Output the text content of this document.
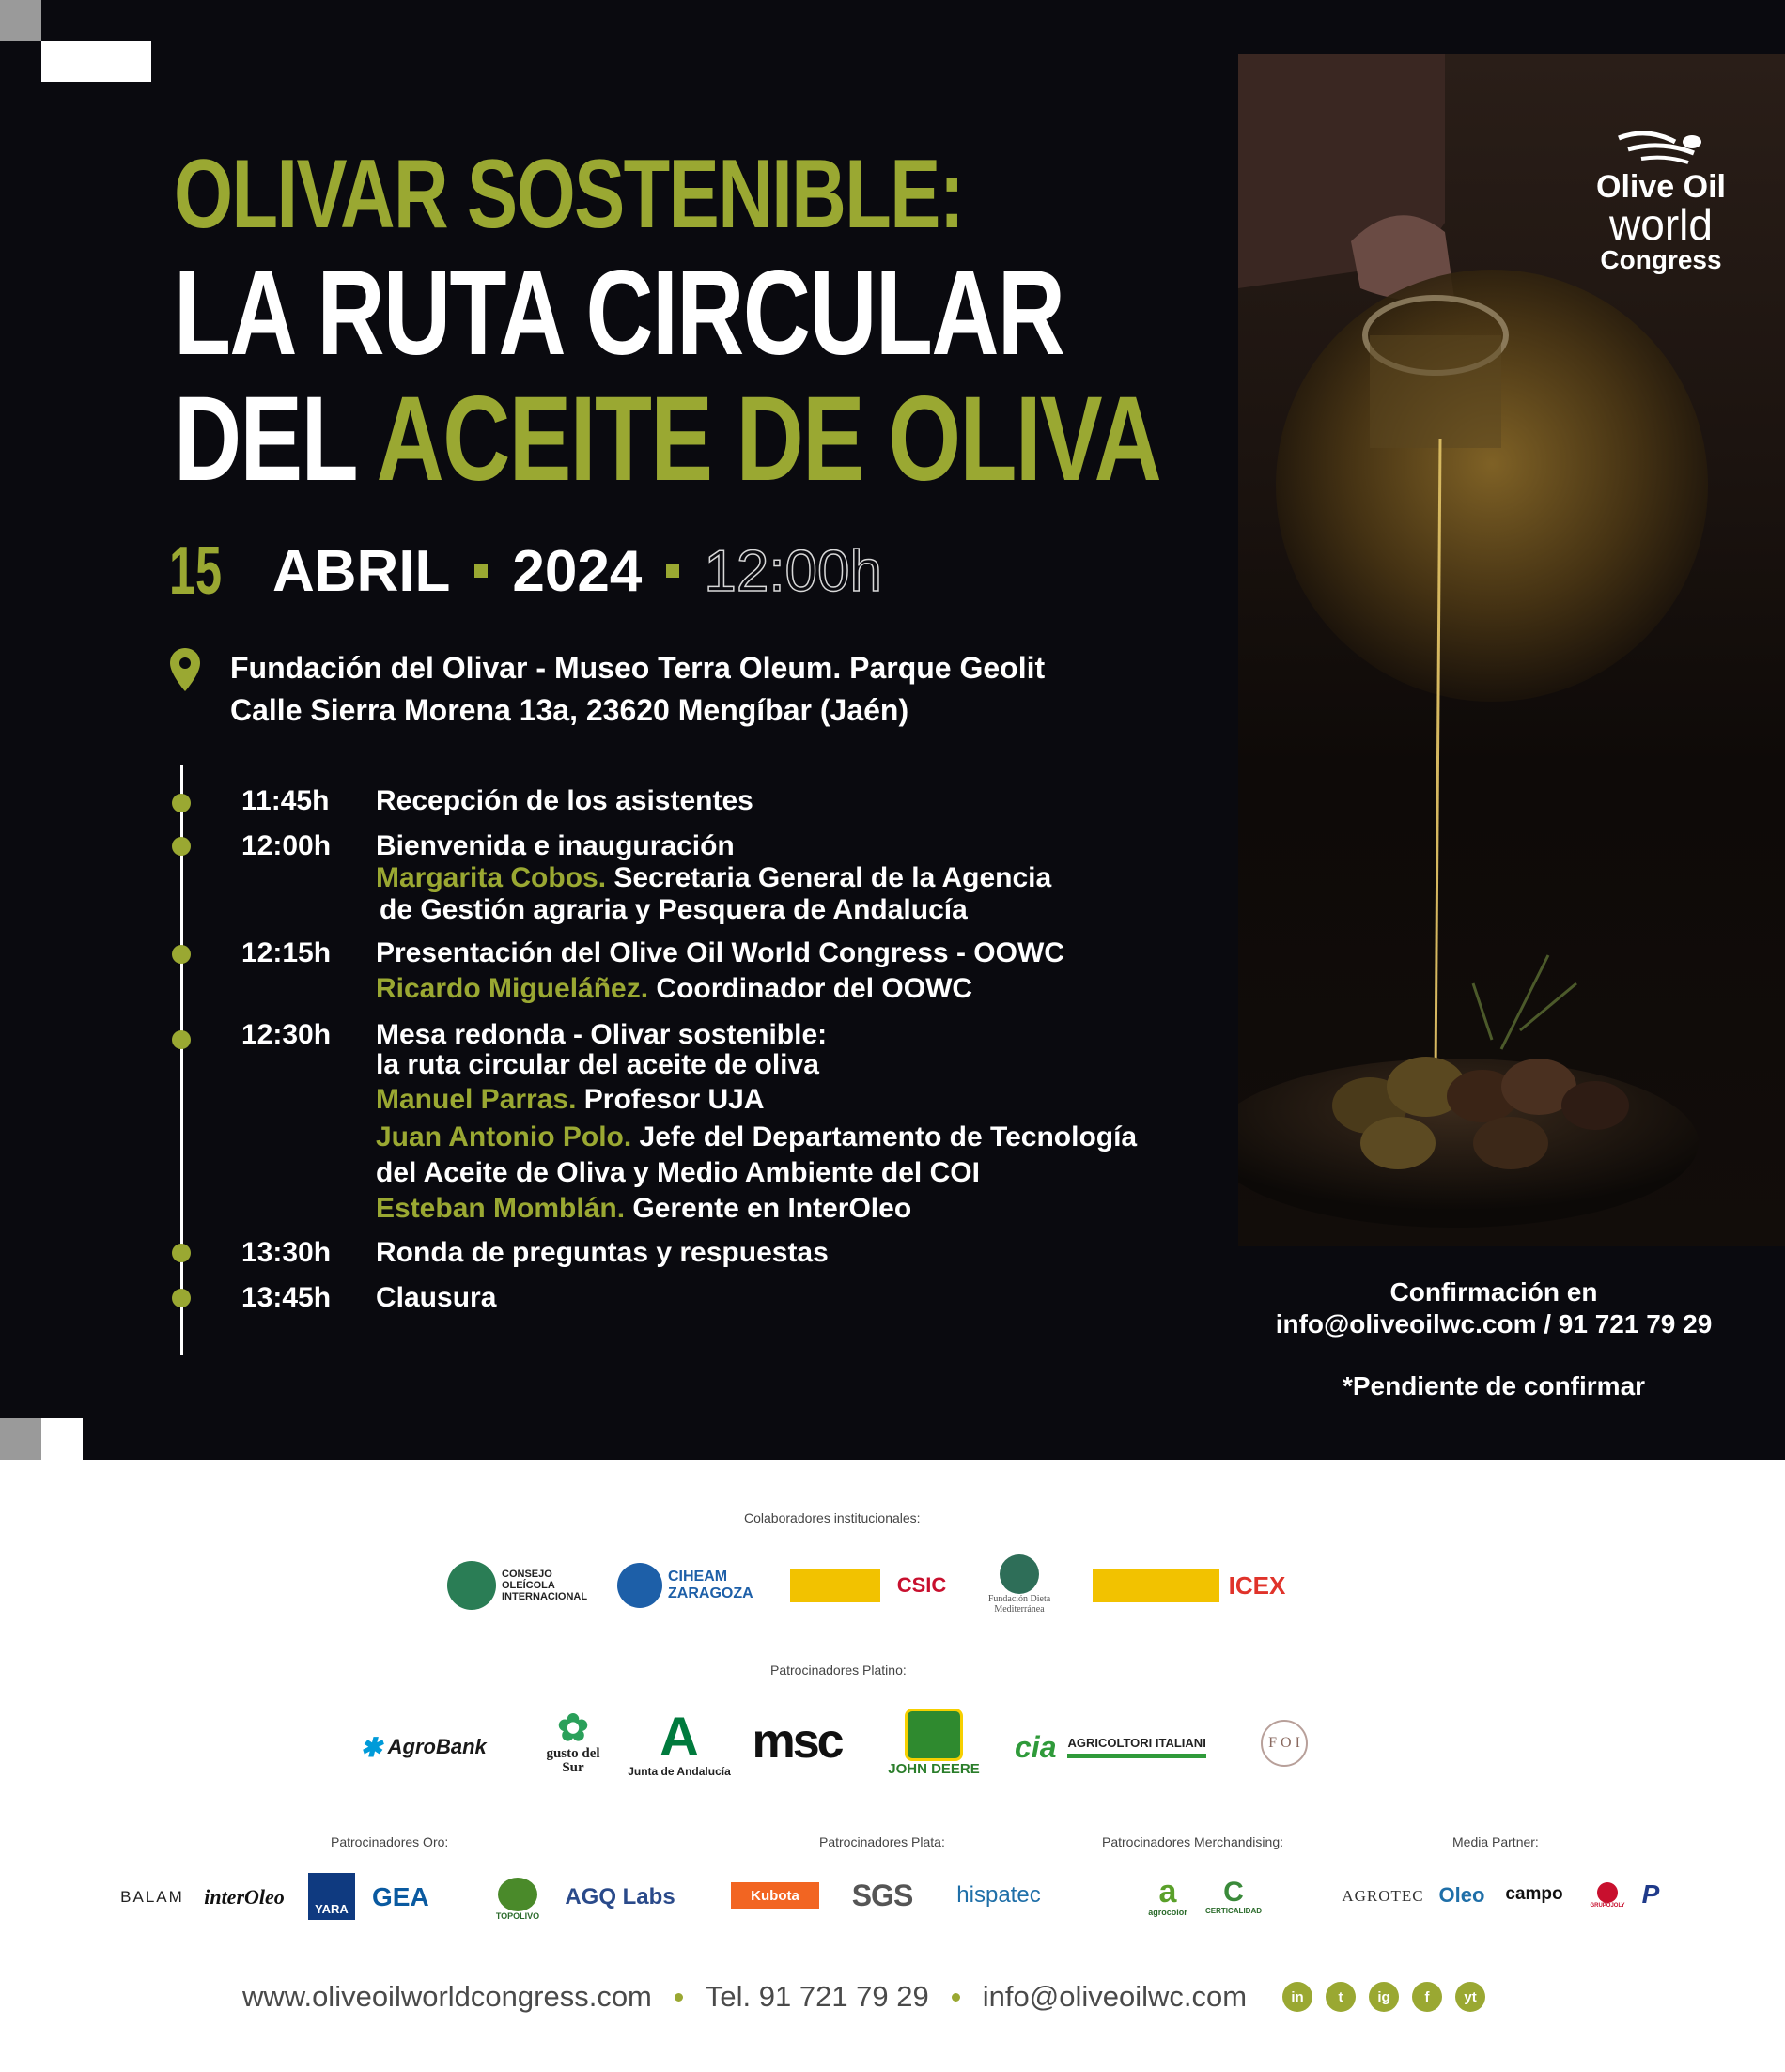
OLIVAR SOSTENIBLE:
LA RUTA CIRCULAR
DEL ACEITE DE OLIVA
15 ABRIL 2024 12:00h
Fundación del Olivar - Museo Terra Oleum. Parque Geolit
Calle Sierra Morena 13a, 23620 Mengíbar (Jaén)
11:45h Recepción de los asistentes
12:00h Bienvenida e inauguración
Margarita Cobos. Secretaria General de la Agencia
de Gestión agraria y Pesquera de Andalucía
12:15h Presentación del Olive Oil World Congress - OOWC
Ricardo Migueláñez. Coordinador del OOWC
12:30h Mesa redonda - Olivar sostenible:
la ruta circular del aceite de oliva
Manuel Parras. Profesor UJA
Juan Antonio Polo. Jefe del Departamento de Tecnología
del Aceite de Oliva y Medio Ambiente del COI
Esteban Momblán. Gerente en InterOleo
13:30h Ronda de preguntas y respuestas
13:45h Clausura
Olive Oil
world
Congress
Confirmación en
info@oliveoilwc.com / 91 721 79 29
*Pendiente de confirmar
Colaboradores institucionales:
CONSEJO OLEÍCOLA INTERNACIONAL
CIHEAM ZARAGOZA	CSIC
Fundación Dieta Mediterránea
ICEX
Patrocinadores Platino:
✱ AgroBank ✿
gusto del Sur	A
Junta de Andalucía
msc	JOHN DEERE
cia AGRICOLTORI ITALIANI	F O I
Patrocinadores Oro:	Patrocinadores Plata:	Patrocinadores Merchandising:	Media Partner:
BALAM interOleo
YARA GEA
TOPOLIVO
AGQ Labs	Kubota	SGS	hispatec	a
agrocolor
C
CERTICALIDAD
AGROTEC Oleo	campo
GRUPOJOLY P
www.oliveoilworldcongress.com Tel. 91 721 79 29 info@oliveoilwc.com	in	t	ig	f	yt
